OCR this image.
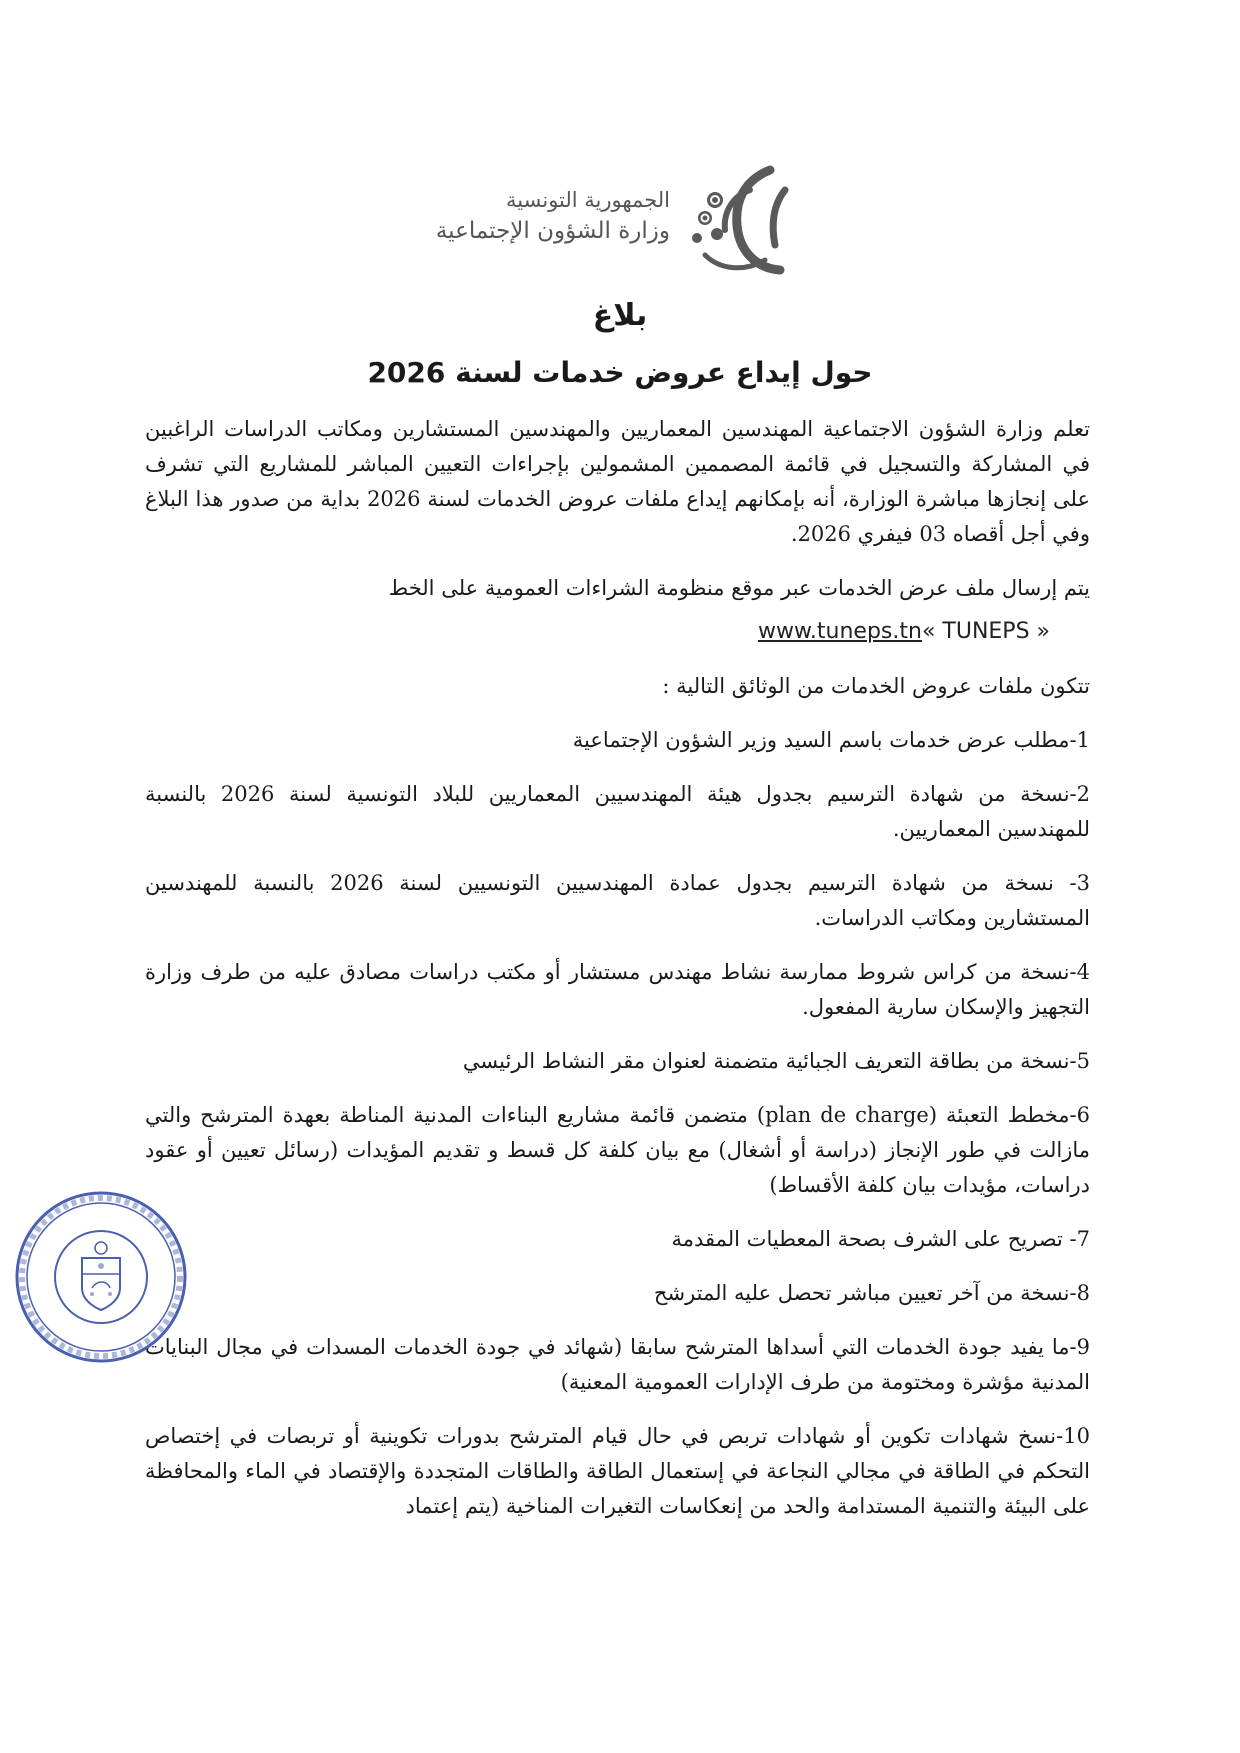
الجمهورية التونسية
وزارة الشؤون الإجتماعية
بلاغ
حول إيداع عروض خدمات لسنة 2026

تعلم وزارة الشؤون الاجتماعية المهندسين المعماريين والمهندسين المستشارين ومكاتب الدراسات الراغبين في المشاركة والتسجيل في قائمة المصممين المشمولين بإجراءات التعيين المباشر للمشاريع التي تشرف على إنجازها مباشرة الوزارة، أنه بإمكانهم إيداع ملفات عروض الخدمات لسنة 2026 بداية من صدور هذا البلاغ وفي أجل أقصاه 03 فيفري 2026.

يتم إرسال ملف عرض الخدمات عبر موقع منظومة الشراءات العمومية على الخط

www.tuneps.tn« TUNEPS »

تتكون ملفات عروض الخدمات من الوثائق التالية :

1-مطلب عرض خدمات باسم السيد وزير الشؤون الإجتماعية

2-نسخة من شهادة الترسيم بجدول هيئة المهندسيين المعماريين للبلاد التونسية لسنة 2026 بالنسبة للمهندسين المعماريين.

3- نسخة من شهادة الترسيم بجدول عمادة المهندسيين التونسيين لسنة 2026 بالنسبة للمهندسين المستشارين ومكاتب الدراسات.

4-نسخة من كراس شروط ممارسة نشاط مهندس مستشار أو مكتب دراسات مصادق عليه من طرف وزارة التجهيز والإسكان سارية المفعول.

5-نسخة من بطاقة التعريف الجبائية متضمنة لعنوان مقر النشاط الرئيسي

6-مخطط التعبئة (plan de charge) متضمن قائمة مشاريع البناءات المدنية المناطة بعهدة المترشح والتي مازالت في طور الإنجاز (دراسة أو أشغال) مع بيان كلفة كل قسط و تقديم المؤيدات (رسائل تعيين أو عقود دراسات، مؤيدات بيان كلفة الأقساط)

7- تصريح على الشرف بصحة المعطيات المقدمة

8-نسخة من آخر تعيين مباشر تحصل عليه المترشح

9-ما يفيد جودة الخدمات التي أسداها المترشح سابقا (شهائد في جودة الخدمات المسدات في مجال البنايات المدنية مؤشرة ومختومة من طرف الإدارات العمومية المعنية)

10-نسخ شهادات تكوين أو شهادات تربص في حال قيام المترشح بدورات تكوينية أو تربصات في إختصاص التحكم في الطاقة في مجالي النجاعة في إستعمال الطاقة والطاقات المتجددة والإقتصاد في الماء والمحافظة على البيئة والتنمية المستدامة والحد من إنعكاسات التغيرات المناخية (يتم إعتماد
